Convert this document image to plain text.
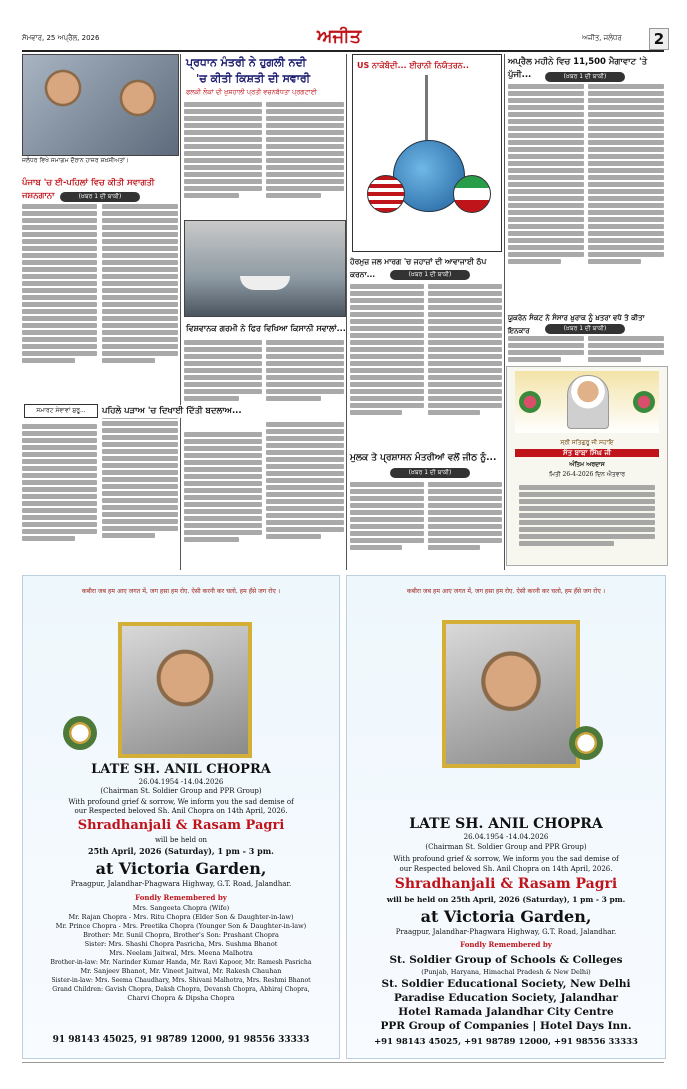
ਸੋਮਵਾਰ, 25 ਅਪ੍ਰੈਲ, 2026	ਅਜੀਤ	ਅਜੀਤ, ਜਲੰਧਰ	2
ਜਲੰਧਰ ਵਿਖੇ ਸਮਾਗਮ ਦੌਰਾਨ ਹਾਜ਼ਰ ਸ਼ਖ਼ਸੀਅਤਾਂ।
ਪੰਜਾਬ 'ਚ ਈ-ਪਹਿਲਾਂ ਵਿਚ ਕੀਤੀ ਸਵਾਗਤੀ ਜਸ਼ਨਗਾਨਾ	(ਖ਼ਬਰ 1 ਦੀ ਬਾਕੀ)
ਸਮਾਰਟ ਸੇਵਾਵਾਂ ਸ਼ੁਰੂ...
ਪ੍ਰਧਾਨ ਮੰਤਰੀ ਨੇ ਹੁਗਲੀ ਨਦੀ
'ਚ ਕੀਤੀ ਕਿਸ਼ਤੀ ਦੀ ਸਵਾਰੀ
ਫਲਕੀ ਲੋਕਾਂ ਦੀ ਖ਼ੁਸ਼ਹਾਲੀ ਪ੍ਰਤੀ ਵਚਨਬੱਧਤਾ ਪ੍ਰਗਟਾਈ
ਵਿਸ਼ਵਾਨਕ ਗਰਮੀ ਨੇ ਫਿਰ ਵਿਖਿਆ ਕਿਸਾਨੀ ਸਵਾਲਾਂ...
ਪਹਿਲੇ ਪੜਾਅ 'ਚ ਦਿਖਾਈ ਦਿੱਤੀ ਬਦਲਾਅ...
US ਨਾਕੇਬੰਦੀ... ਈਰਾਨੀ ਨਿਯੰਤਰਨ..
ਹੋਰਮੁਜ਼ ਜਲ ਮਾਰਗ 'ਚ ਜਹਾਜ਼ਾਂ ਦੀ ਆਵਾਜਾਈ ਠੱਪ ਕਰਨਾ...	(ਖ਼ਬਰ 1 ਦੀ ਬਾਕੀ)
ਮੁਲਕ ਤੇ ਪ੍ਰਸ਼ਾਸਨ ਮੰਤਰੀਆਂ ਵਲੋਂ ਜੀਠ ਨੂੰ...
(ਖ਼ਬਰ 1 ਦੀ ਬਾਕੀ)
ਅਪ੍ਰੈਲ ਮਹੀਨੇ ਵਿਚ 11,500 ਮੈਗਾਵਾਟ 'ਤੇ ਪੁੱਜੀ...	(ਖ਼ਬਰ 1 ਦੀ ਬਾਕੀ)
ਯੂਕਰੇਨ ਸੰਕਟ ਨੇ ਸੰਸਾਰ ਖ਼ੁਰਾਕ ਨੂੰ ਖ਼ਤਰਾ ਵਧੇ ਤੇ ਕੀਤਾ ਇਨਕਾਰ	(ਖ਼ਬਰ 1 ਦੀ ਬਾਕੀ)
ਸ੍ਰੀ ਸਤਿਗੁਰੂ ਜੀ ਸਹਾਇ
ਸੰਤ ਬਾਬਾ ਸਿੰਘ ਜੀ
ਅੰਤਿਮ ਅਰਦਾਸ
ਮਿਤੀ 26-4-2026 ਦਿਨ ਐਤਵਾਰ
कबीरा जब हम आए जगत में, जग हसा हम रोए. ऐसी करनी कर चलो, हम हँसे जग रोए ।
LATE SH. ANIL CHOPRA
26.04.1954 -14.04.2026
(Chairman St. Soldier Group and PPR Group)
With profound grief & sorrow, We inform you the sad demise of
our Respected beloved Sh. Anil Chopra on 14th April, 2026.
Shradhanjali & Rasam Pagri
will be held on
25th April, 2026 (Saturday), 1 pm - 3 pm.
at Victoria Garden,
Praagpur, Jalandhar-Phagwara Highway, G.T. Road, Jalandhar.
Fondly Remembered by
Mrs. Sangeeta Chopra (Wife)
Mr. Rajan Chopra - Mrs. Ritu Chopra (Elder Son & Daughter-in-law)
Mr. Prince Chopra - Mrs. Preetika Chopra (Younger Son & Daughter-in-law)
Brother: Mr. Sunil Chopra, Brother's Son: Prashant Chopra
Sister: Mrs. Shashi Chopra Pasricha, Mrs. Sushma Bhanot
Mrs. Neelam Jaitwal, Mrs. Meena Malhotra
Brother-in-law: Mr. Narinder Kumar Handa, Mr. Ravi Kapoor, Mr. Ramesh Pasricha
Mr. Sanjeev Bhanot, Mr. Vineet Jaitwal, Mr. Rakesh Chauhan
Sister-in-law: Mrs. Seema Chaudhary, Mrs. Shivani Malhotra, Mrs. Reshmi Bhanot
Grand Children: Gavish Chopra, Daksh Chopra, Devansh Chopra, Abhiraj Chopra,
Charvi Chopra & Dipsha Chopra
91 98143 45025, 91 98789 12000, 91 98556 33333
कबीरा जब हम आए जगत में, जग हसा हम रोए. ऐसी करनी कर चलो, हम हँसे जग रोए ।
LATE SH. ANIL CHOPRA
26.04.1954 -14.04.2026
(Chairman St. Soldier Group and PPR Group)
With profound grief & sorrow, We inform you the sad demise of
our Respected beloved Sh. Anil Chopra on 14th April, 2026.
Shradhanjali & Rasam Pagri
will be held on 25th April, 2026 (Saturday), 1 pm - 3 pm.
at Victoria Garden,
Praagpur, Jalandhar-Phagwara Highway, G.T. Road, Jalandhar.
Fondly Remembered by
St. Soldier Group of Schools & Colleges
(Punjab, Haryana, Himachal Pradesh & New Delhi)
St. Soldier Educational Society, New Delhi
Paradise Education Society, Jalandhar
Hotel Ramada Jalandhar City Centre
PPR Group of Companies | Hotel Days Inn.
+91 98143 45025, +91 98789 12000, +91 98556 33333
